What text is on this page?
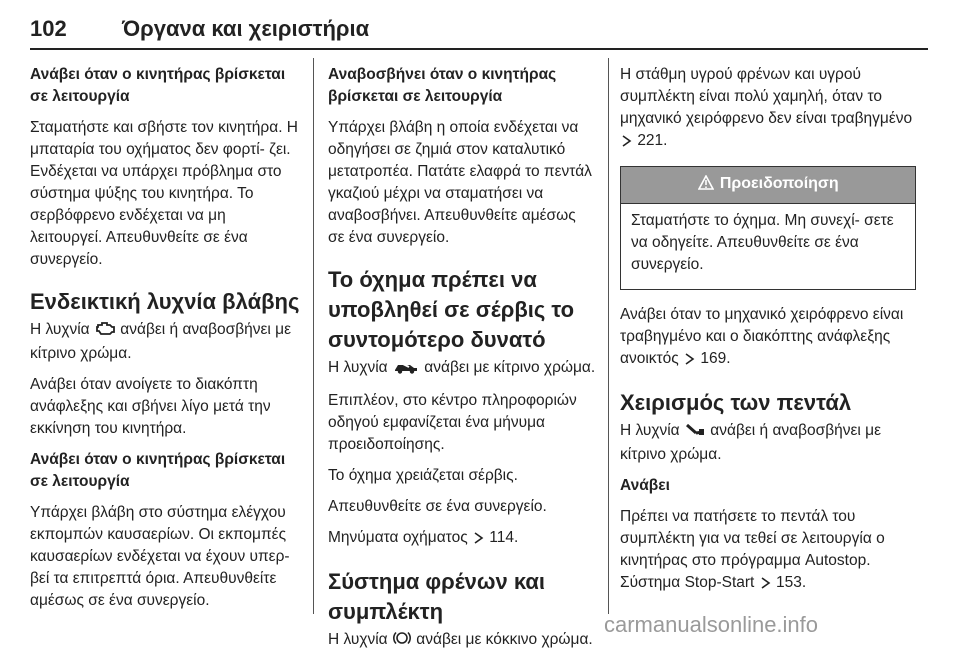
102	Όργανα και χειριστήρια
Ανάβει όταν ο κινητήρας βρίσκεται σε λειτουργία

Σταματήστε και σβήστε τον κινητήρα. Η μπαταρία του οχήματος δεν φορτί- ζει. Ενδέχεται να υπάρχει πρόβλημα στο σύστημα ψύξης του κινητήρα. Το σερβόφρενο ενδέχεται να μη λειτουργεί. Απευθυνθείτε σε ένα συνεργείο.

Ενδεικτική λυχνία βλάβης

Η λυχνία ανάβει ή αναβοσβήνει με κίτρινο χρώμα.

Ανάβει όταν ανοίγετε το διακόπτη ανάφλεξης και σβήνει λίγο μετά την εκκίνηση του κινητήρα.

Ανάβει όταν ο κινητήρας βρίσκεται σε λειτουργία

Υπάρχει βλάβη στο σύστημα ελέγχου εκπομπών καυσαερίων. Οι εκπομπές καυσαερίων ενδέχεται να έχουν υπερ- βεί τα επιτρεπτά όρια. Απευθυνθείτε αμέσως σε ένα συνεργείο.

Αναβοσβήνει όταν ο κινητήρας βρίσκεται σε λειτουργία

Υπάρχει βλάβη η οποία ενδέχεται να οδηγήσει σε ζημιά στον καταλυτικό μετατροπέα. Πατάτε ελαφρά το πεντάλ γκαζιού μέχρι να σταματήσει να αναβοσβήνει. Απευθυνθείτε αμέσως σε ένα συνεργείο.

Το όχημα πρέπει να υποβληθεί σε σέρβις το συντομότερο δυνατό

Η λυχνία ανάβει με κίτρινο χρώμα.

Επιπλέον, στο κέντρο πληροφοριών οδηγού εμφανίζεται ένα μήνυμα προειδοποίησης.

Το όχημα χρειάζεται σέρβις.

Απευθυνθείτε σε ένα συνεργείο.

Μηνύματα οχήματος 114.

Σύστημα φρένων και συμπλέκτη

Η λυχνία ανάβει με κόκκινο χρώμα.

Η στάθμη υγρού φρένων και υγρού συμπλέκτη είναι πολύ χαμηλή, όταν το μηχανικό χειρόφρενο δεν είναι τραβηγμένο  221.

Προειδοποίηση

Σταματήστε το όχημα. Μη συνεχί- σετε να οδηγείτε. Απευθυνθείτε σε ένα συνεργείο.

Ανάβει όταν το μηχανικό χειρόφρενο είναι τραβηγμένο και ο διακόπτης ανάφλεξης ανοικτός 169.

Χειρισμός των πεντάλ

Η λυχνία ανάβει ή αναβοσβήνει με κίτρινο χρώμα.

Ανάβει

Πρέπει να πατήσετε το πεντάλ του συμπλέκτη για να τεθεί σε λειτουργία ο κινητήρας στο πρόγραμμα Autostop. Σύστημα Stop-Start 153.

carmanualsonline.info
